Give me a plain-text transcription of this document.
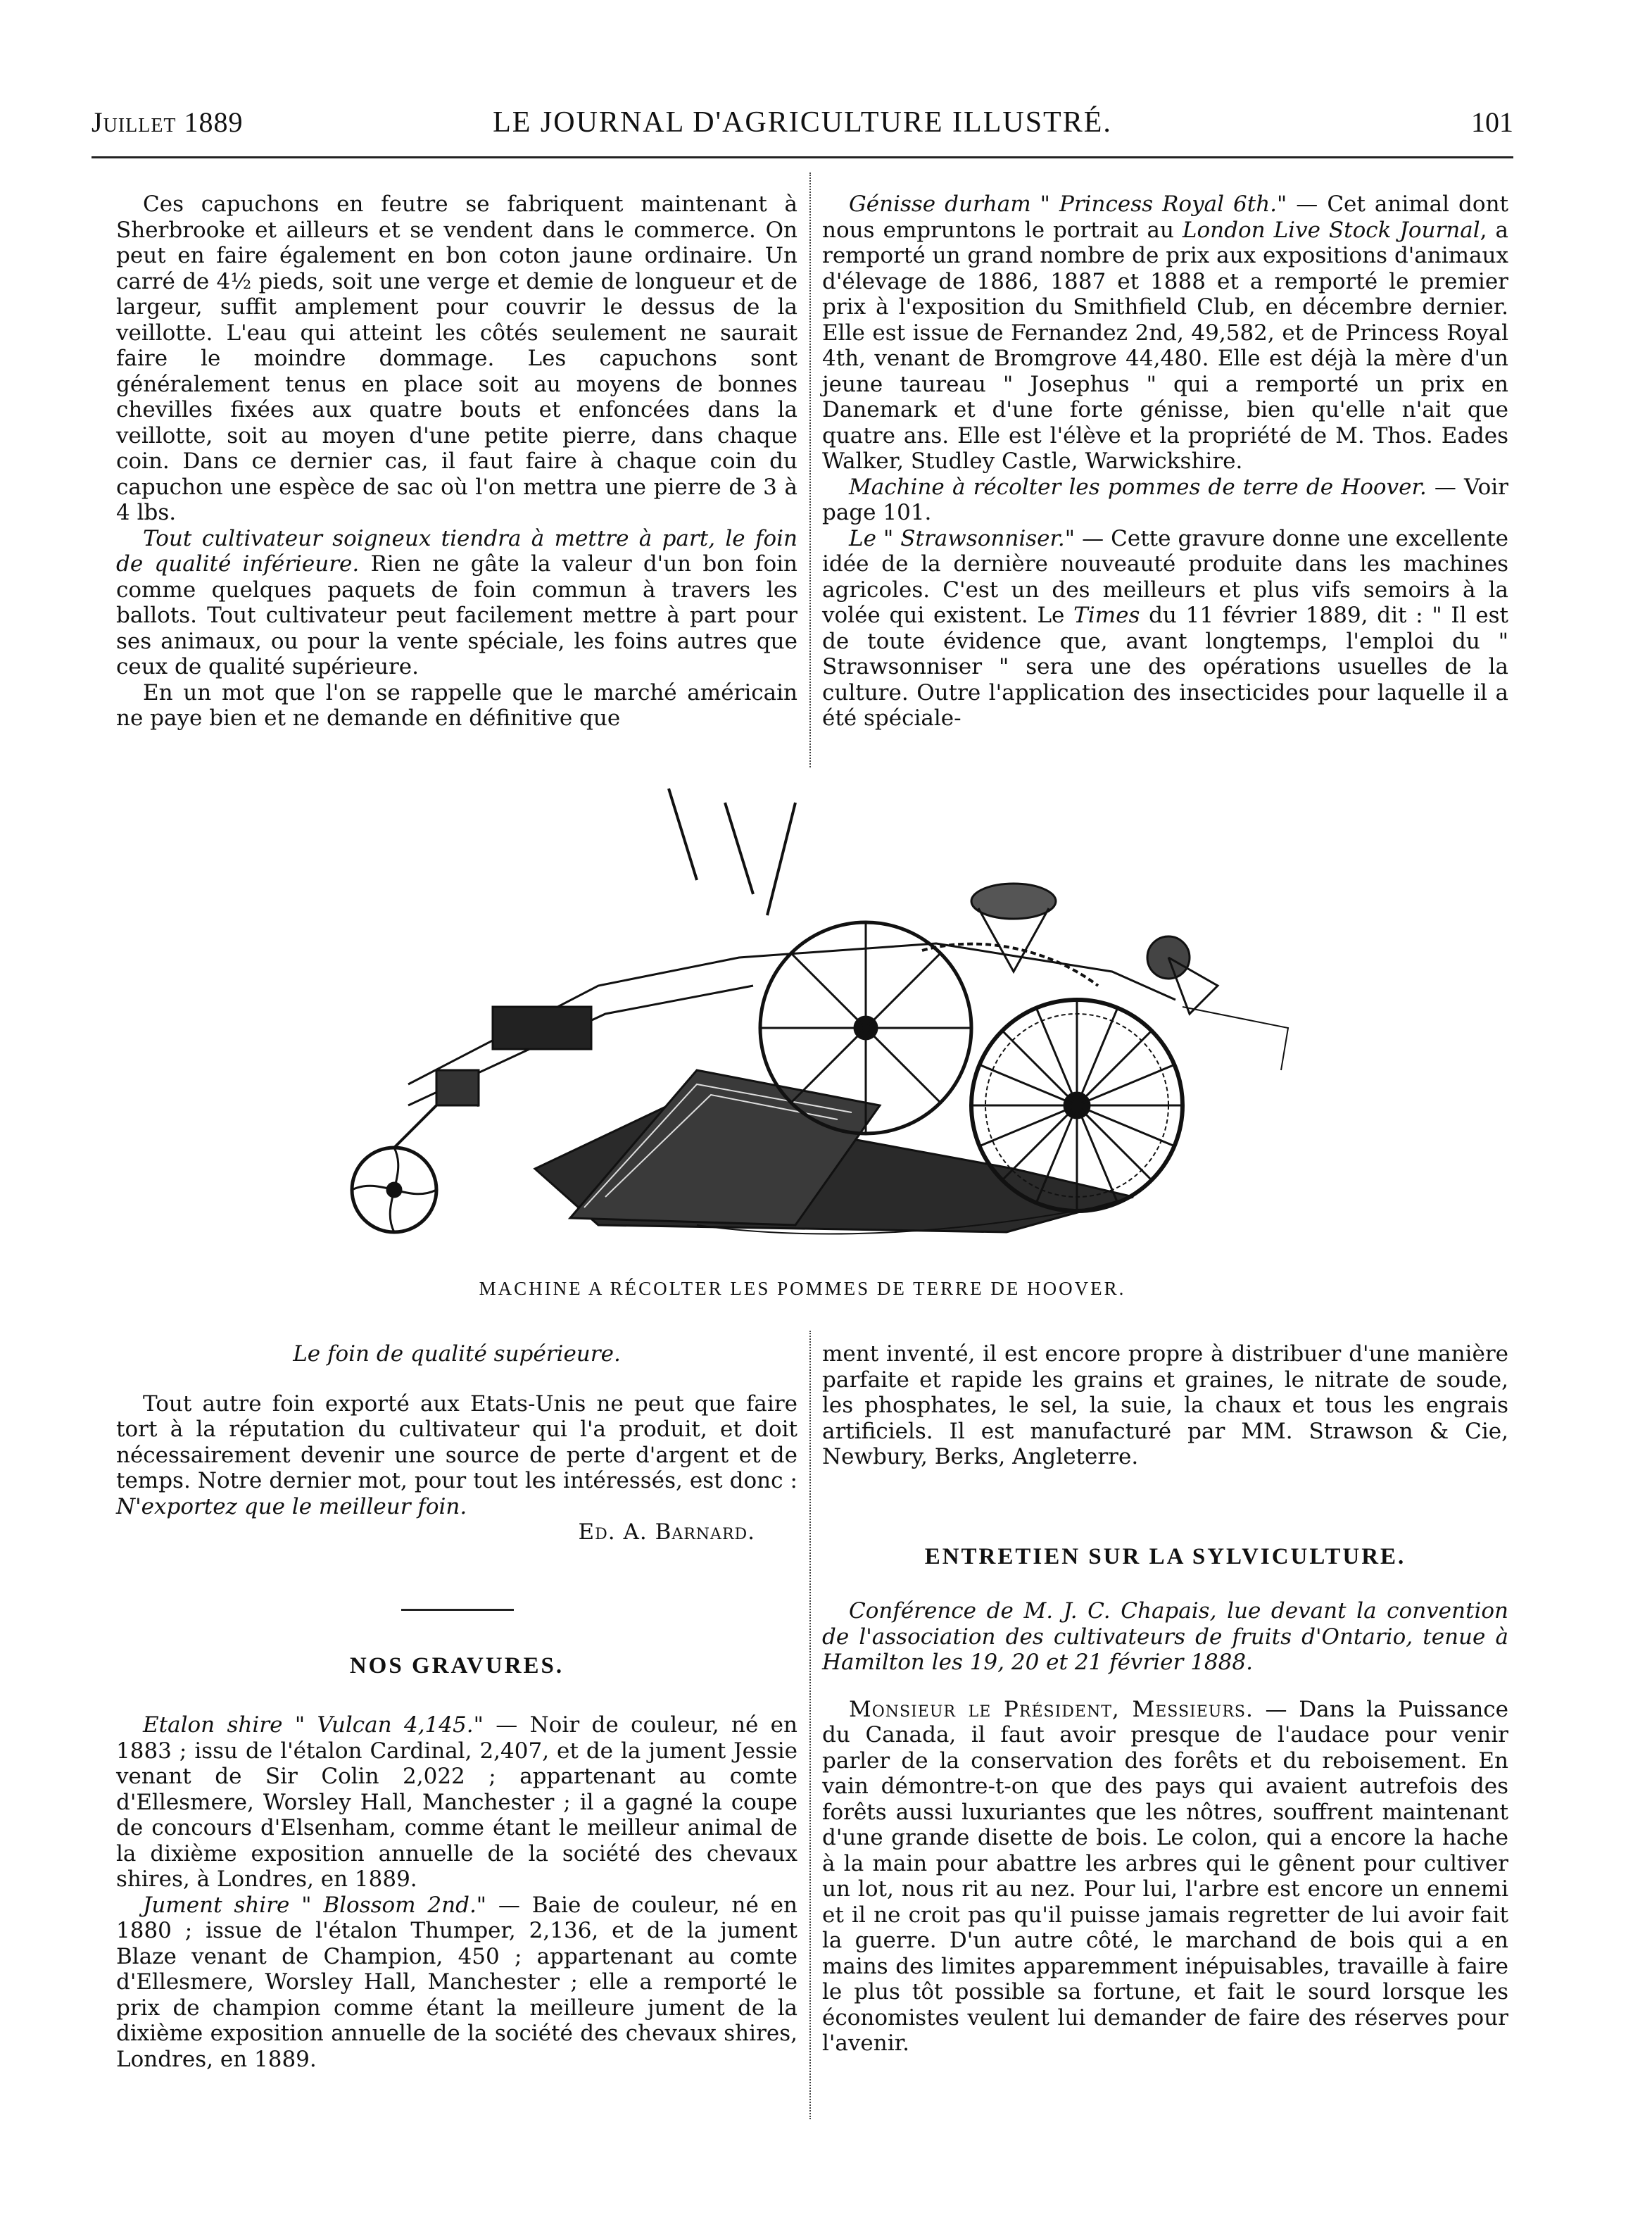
Juillet 1889	LE JOURNAL D'AGRICULTURE ILLUSTRÉ.	101

Ces capuchons en feutre se fabriquent maintenant à Sherbrooke et ailleurs et se vendent dans le commerce. On peut en faire également en bon coton jaune ordinaire. Un carré de 4½ pieds, soit une verge et demie de longueur et de largeur, suffit amplement pour couvrir le dessus de la veillotte. L'eau qui atteint les côtés seulement ne saurait faire le moindre dommage. Les capuchons sont généralement tenus en place soit au moyens de bonnes chevilles fixées aux quatre bouts et enfoncées dans la veillotte, soit au moyen d'une petite pierre, dans chaque coin. Dans ce dernier cas, il faut faire à chaque coin du capuchon une espèce de sac où l'on mettra une pierre de 3 à 4 lbs.

Tout cultivateur soigneux tiendra à mettre à part, le foin de qualité inférieure. Rien ne gâte la valeur d'un bon foin comme quelques paquets de foin commun à travers les ballots. Tout cultivateur peut facilement mettre à part pour ses animaux, ou pour la vente spéciale, les foins autres que ceux de qualité supérieure.

En un mot que l'on se rappelle que le marché américain ne paye bien et ne demande en définitive que

Génisse durham " Princess Royal 6th." — Cet animal dont nous empruntons le portrait au London Live Stock Journal, a remporté un grand nombre de prix aux expositions d'animaux d'élevage de 1886, 1887 et 1888 et a remporté le premier prix à l'exposition du Smithfield Club, en décembre dernier. Elle est issue de Fernandez 2nd, 49,582, et de Princess Royal 4th, venant de Bromgrove 44,480. Elle est déjà la mère d'un jeune taureau " Josephus " qui a remporté un prix en Danemark et d'une forte génisse, bien qu'elle n'ait que quatre ans. Elle est l'élève et la propriété de M. Thos. Eades Walker, Studley Castle, Warwickshire.

Machine à récolter les pommes de terre de Hoover. — Voir page 101.

Le " Strawsonniser." — Cette gravure donne une excellente idée de la dernière nouveauté produite dans les machines agricoles. C'est un des meilleurs et plus vifs semoirs à la volée qui existent. Le Times du 11 février 1889, dit : " Il est de toute évidence que, avant longtemps, l'emploi du " Strawsonniser " sera une des opérations usuelles de la culture. Outre l'application des insecticides pour laquelle il a été spéciale-

MACHINE A RÉCOLTER LES POMMES DE TERRE DE HOOVER.

Le foin de qualité supérieure.

Tout autre foin exporté aux Etats-Unis ne peut que faire tort à la réputation du cultivateur qui l'a produit, et doit nécessairement devenir une source de perte d'argent et de temps. Notre dernier mot, pour tout les intéressés, est donc : N'exportez que le meilleur foin.

Ed. A. Barnard.

NOS GRAVURES.

Etalon shire " Vulcan 4,145." — Noir de couleur, né en 1883 ; issu de l'étalon Cardinal, 2,407, et de la jument Jessie venant de Sir Colin 2,022 ; appartenant au comte d'Ellesmere, Worsley Hall, Manchester ; il a gagné la coupe de concours d'Elsenham, comme étant le meilleur animal de la dixième exposition annuelle de la société des chevaux shires, à Londres, en 1889.

Jument shire " Blossom 2nd." — Baie de couleur, né en 1880 ; issue de l'étalon Thumper, 2,136, et de la jument Blaze venant de Champion, 450 ; appartenant au comte d'Ellesmere, Worsley Hall, Manchester ; elle a remporté le prix de champion comme étant la meilleure jument de la dixième exposition annuelle de la société des chevaux shires, Londres, en 1889.

ment inventé, il est encore propre à distribuer d'une manière parfaite et rapide les grains et graines, le nitrate de soude, les phosphates, le sel, la suie, la chaux et tous les engrais artificiels. Il est manufacturé par MM. Strawson & Cie, Newbury, Berks, Angleterre.

ENTRETIEN SUR LA SYLVICULTURE.

Conférence de M. J. C. Chapais, lue devant la convention de l'association des cultivateurs de fruits d'Ontario, tenue à Hamilton les 19, 20 et 21 février 1888.

Monsieur le Président, Messieurs. — Dans la Puissance du Canada, il faut avoir presque de l'audace pour venir parler de la conservation des forêts et du reboisement. En vain démontre-t-on que des pays qui avaient autrefois des forêts aussi luxuriantes que les nôtres, souffrent maintenant d'une grande disette de bois. Le colon, qui a encore la hache à la main pour abattre les arbres qui le gênent pour cultiver un lot, nous rit au nez. Pour lui, l'arbre est encore un ennemi et il ne croit pas qu'il puisse jamais regretter de lui avoir fait la guerre. D'un autre côté, le marchand de bois qui a en mains des limites apparemment inépuisables, travaille à faire le plus tôt possible sa fortune, et fait le sourd lorsque les économistes veulent lui demander de faire des réserves pour l'avenir.
